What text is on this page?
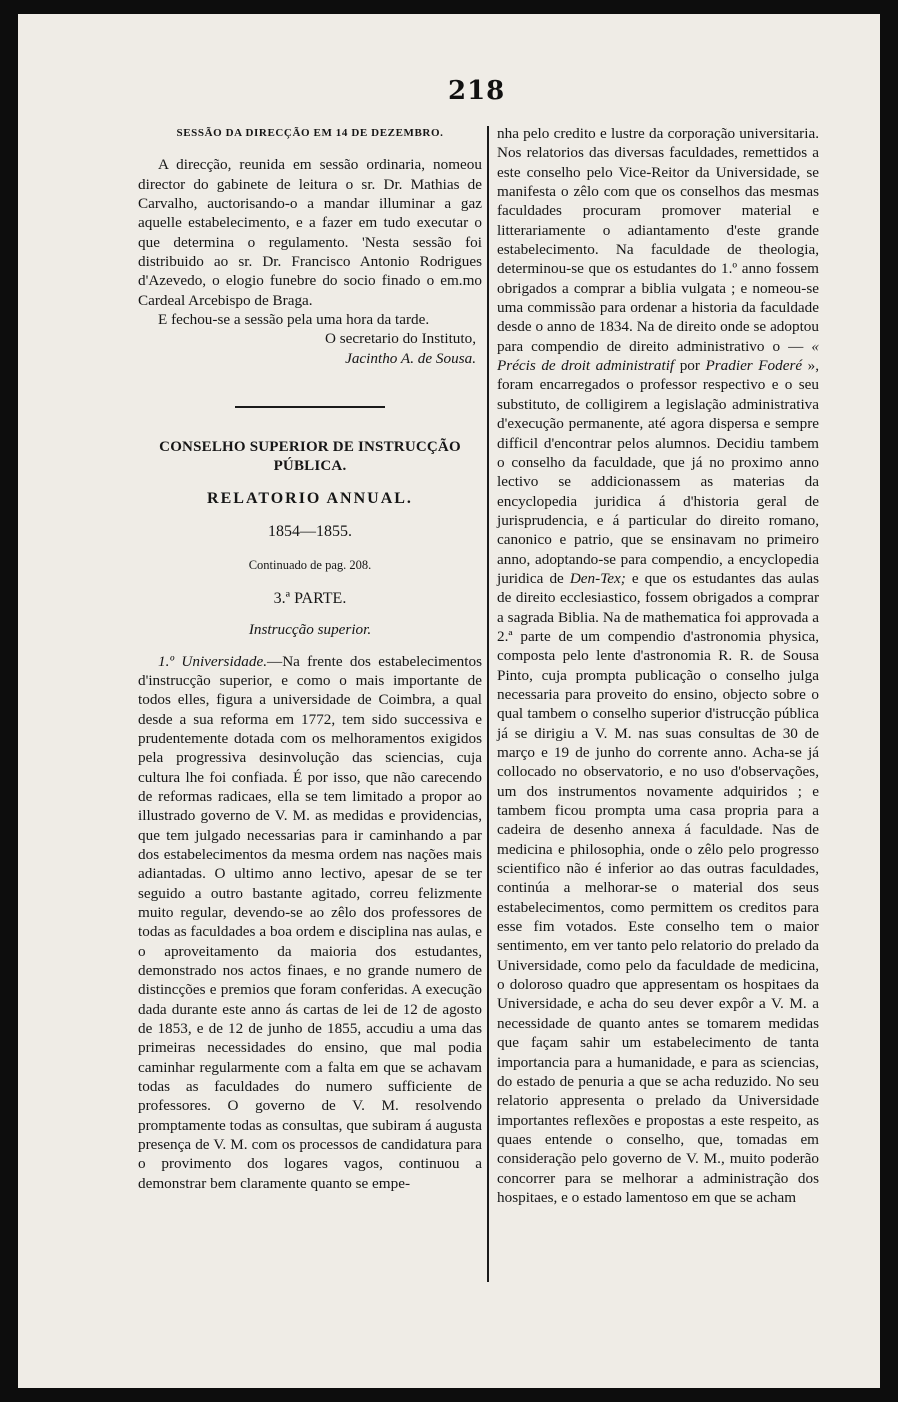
218
SESSÃO DA DIRECÇÃO EM 14 DE DEZEMBRO.

A direcção, reunida em sessão ordinaria, nomeou director do gabinete de leitura o sr. Dr. Mathias de Carvalho, auctorisando-o a mandar illuminar a gaz aquelle estabelecimento, e a fazer em tudo executar o que determina o regulamento. 'Nesta sessão foi distribuido ao sr. Dr. Francisco Antonio Rodrigues d'Azevedo, o elogio funebre do socio finado o em.mo Cardeal Arcebispo de Braga.

E fechou-se a sessão pela uma hora da tarde.

O secretario do Instituto,
Jacintho A. de Sousa.
CONSELHO SUPERIOR DE INSTRUCÇÃO PÚBLICA.
RELATORIO ANNUAL.
1854—1855.
Continuado de pag. 208.
3.ª PARTE.
Instrucção superior.

1.º Universidade.—Na frente dos estabelecimentos d'instrucção superior, e como o mais importante de todos elles, figura a universidade de Coimbra, a qual desde a sua reforma em 1772, tem sido successiva e prudentemente dotada com os melhoramentos exigidos pela progressiva desinvolução das sciencias, cuja cultura lhe foi confiada. É por isso, que não carecendo de reformas radicaes, ella se tem limitado a propor ao illustrado governo de V. M. as medidas e providencias, que tem julgado necessarias para ir caminhando a par dos estabelecimentos da mesma ordem nas nações mais adiantadas. O ultimo anno lectivo, apesar de se ter seguido a outro bastante agitado, correu felizmente muito regular, devendo-se ao zêlo dos professores de todas as faculdades a boa ordem e disciplina nas aulas, e o aproveitamento da maioria dos estudantes, demonstrado nos actos finaes, e no grande numero de distincções e premios que foram conferidas. A execução dada durante este anno ás cartas de lei de 12 de agosto de 1853, e de 12 de junho de 1855, accudiu a uma das primeiras necessidades do ensino, que mal podia caminhar regularmente com a falta em que se achavam todas as faculdades do numero sufficiente de professores. O governo de V. M. resolvendo promptamente todas as consultas, que subiram á augusta presença de V. M. com os processos de candidatura para o provimento dos logares vagos, continuou a demonstrar bem claramente quanto se empe-

nha pelo credito e lustre da corporação universitaria. Nos relatorios das diversas faculdades, remettidos a este conselho pelo Vice-Reitor da Universidade, se manifesta o zêlo com que os conselhos das mesmas faculdades procuram promover material e litterariamente o adiantamento d'este grande estabelecimento. Na faculdade de theologia, determinou-se que os estudantes do 1.º anno fossem obrigados a comprar a biblia vulgata ; e nomeou-se uma commissão para ordenar a historia da faculdade desde o anno de 1834. Na de direito onde se adoptou para compendio de direito administrativo o — « Précis de droit administratif por Pradier Foderé », foram encarregados o professor respectivo e o seu substituto, de colligirem a legislação administrativa d'execução permanente, até agora dispersa e sempre difficil d'encontrar pelos alumnos. Decidiu tambem o conselho da faculdade, que já no proximo anno lectivo se addicionassem as materias da encyclopedia juridica á d'historia geral de jurisprudencia, e á particular do direito romano, canonico e patrio, que se ensinavam no primeiro anno, adoptando-se para compendio, a encyclopedia juridica de Den-Tex; e que os estudantes das aulas de direito ecclesiastico, fossem obrigados a comprar a sagrada Biblia. Na de mathematica foi approvada a 2.ª parte de um compendio d'astronomia physica, composta pelo lente d'astronomia R. R. de Sousa Pinto, cuja prompta publicação o conselho julga necessaria para proveito do ensino, objecto sobre o qual tambem o conselho superior d'istrucção pública já se dirigiu a V. M. nas suas consultas de 30 de março e 19 de junho do corrente anno. Acha-se já collocado no observatorio, e no uso d'observações, um dos instrumentos novamente adquiridos ; e tambem ficou prompta uma casa propria para a cadeira de desenho annexa á faculdade. Nas de medicina e philosophia, onde o zêlo pelo progresso scientifico não é inferior ao das outras faculdades, continúa a melhorar-se o material dos seus estabelecimentos, como permittem os creditos para esse fim votados. Este conselho tem o maior sentimento, em ver tanto pelo relatorio do prelado da Universidade, como pelo da faculdade de medicina, o doloroso quadro que appresentam os hospitaes da Universidade, e acha do seu dever expôr a V. M. a necessidade de quanto antes se tomarem medidas que façam sahir um estabelecimento de tanta importancia para a humanidade, e para as sciencias, do estado de penuria a que se acha reduzido. No seu relatorio appresenta o prelado da Universidade importantes reflexões e propostas a este respeito, as quaes entende o conselho, que, tomadas em consideração pelo governo de V. M., muito poderão concorrer para se melhorar a administração dos hospitaes, e o estado lamentoso em que se acham
